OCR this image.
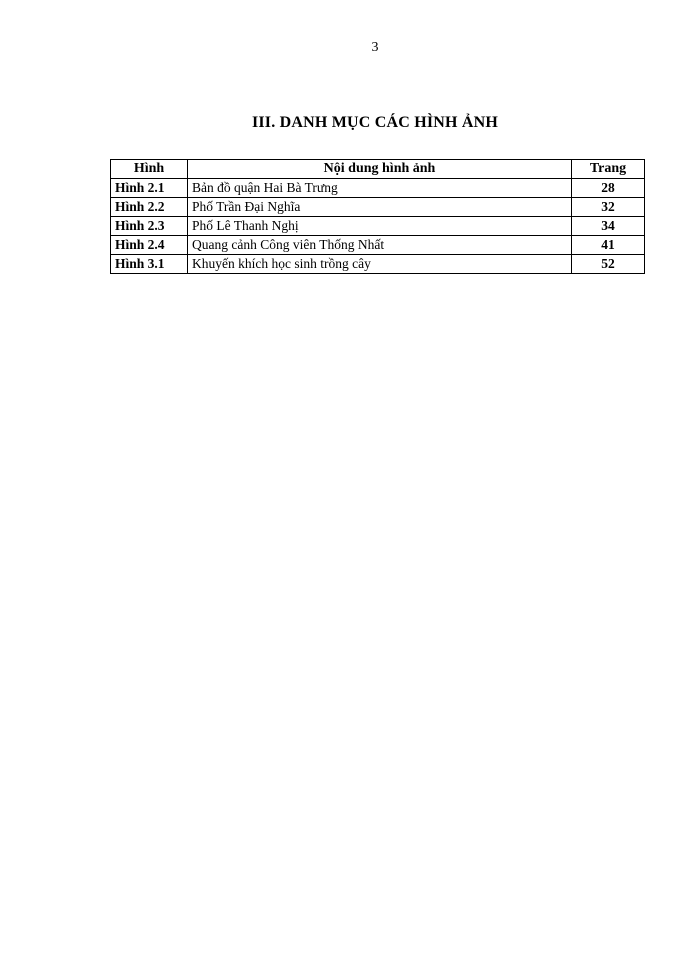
3
III. DANH MỤC CÁC HÌNH ẢNH
Hình	Nội dung hình ảnh	Trang
Hình 2.1	Bản đồ quận Hai Bà Trưng	28
Hình 2.2	Phố Trần Đại Nghĩa	32
Hình 2.3	Phố Lê Thanh Nghị	34
Hình 2.4	Quang cảnh Công viên Thống Nhất	41
Hình 3.1	Khuyến khích học sinh trồng cây	52
